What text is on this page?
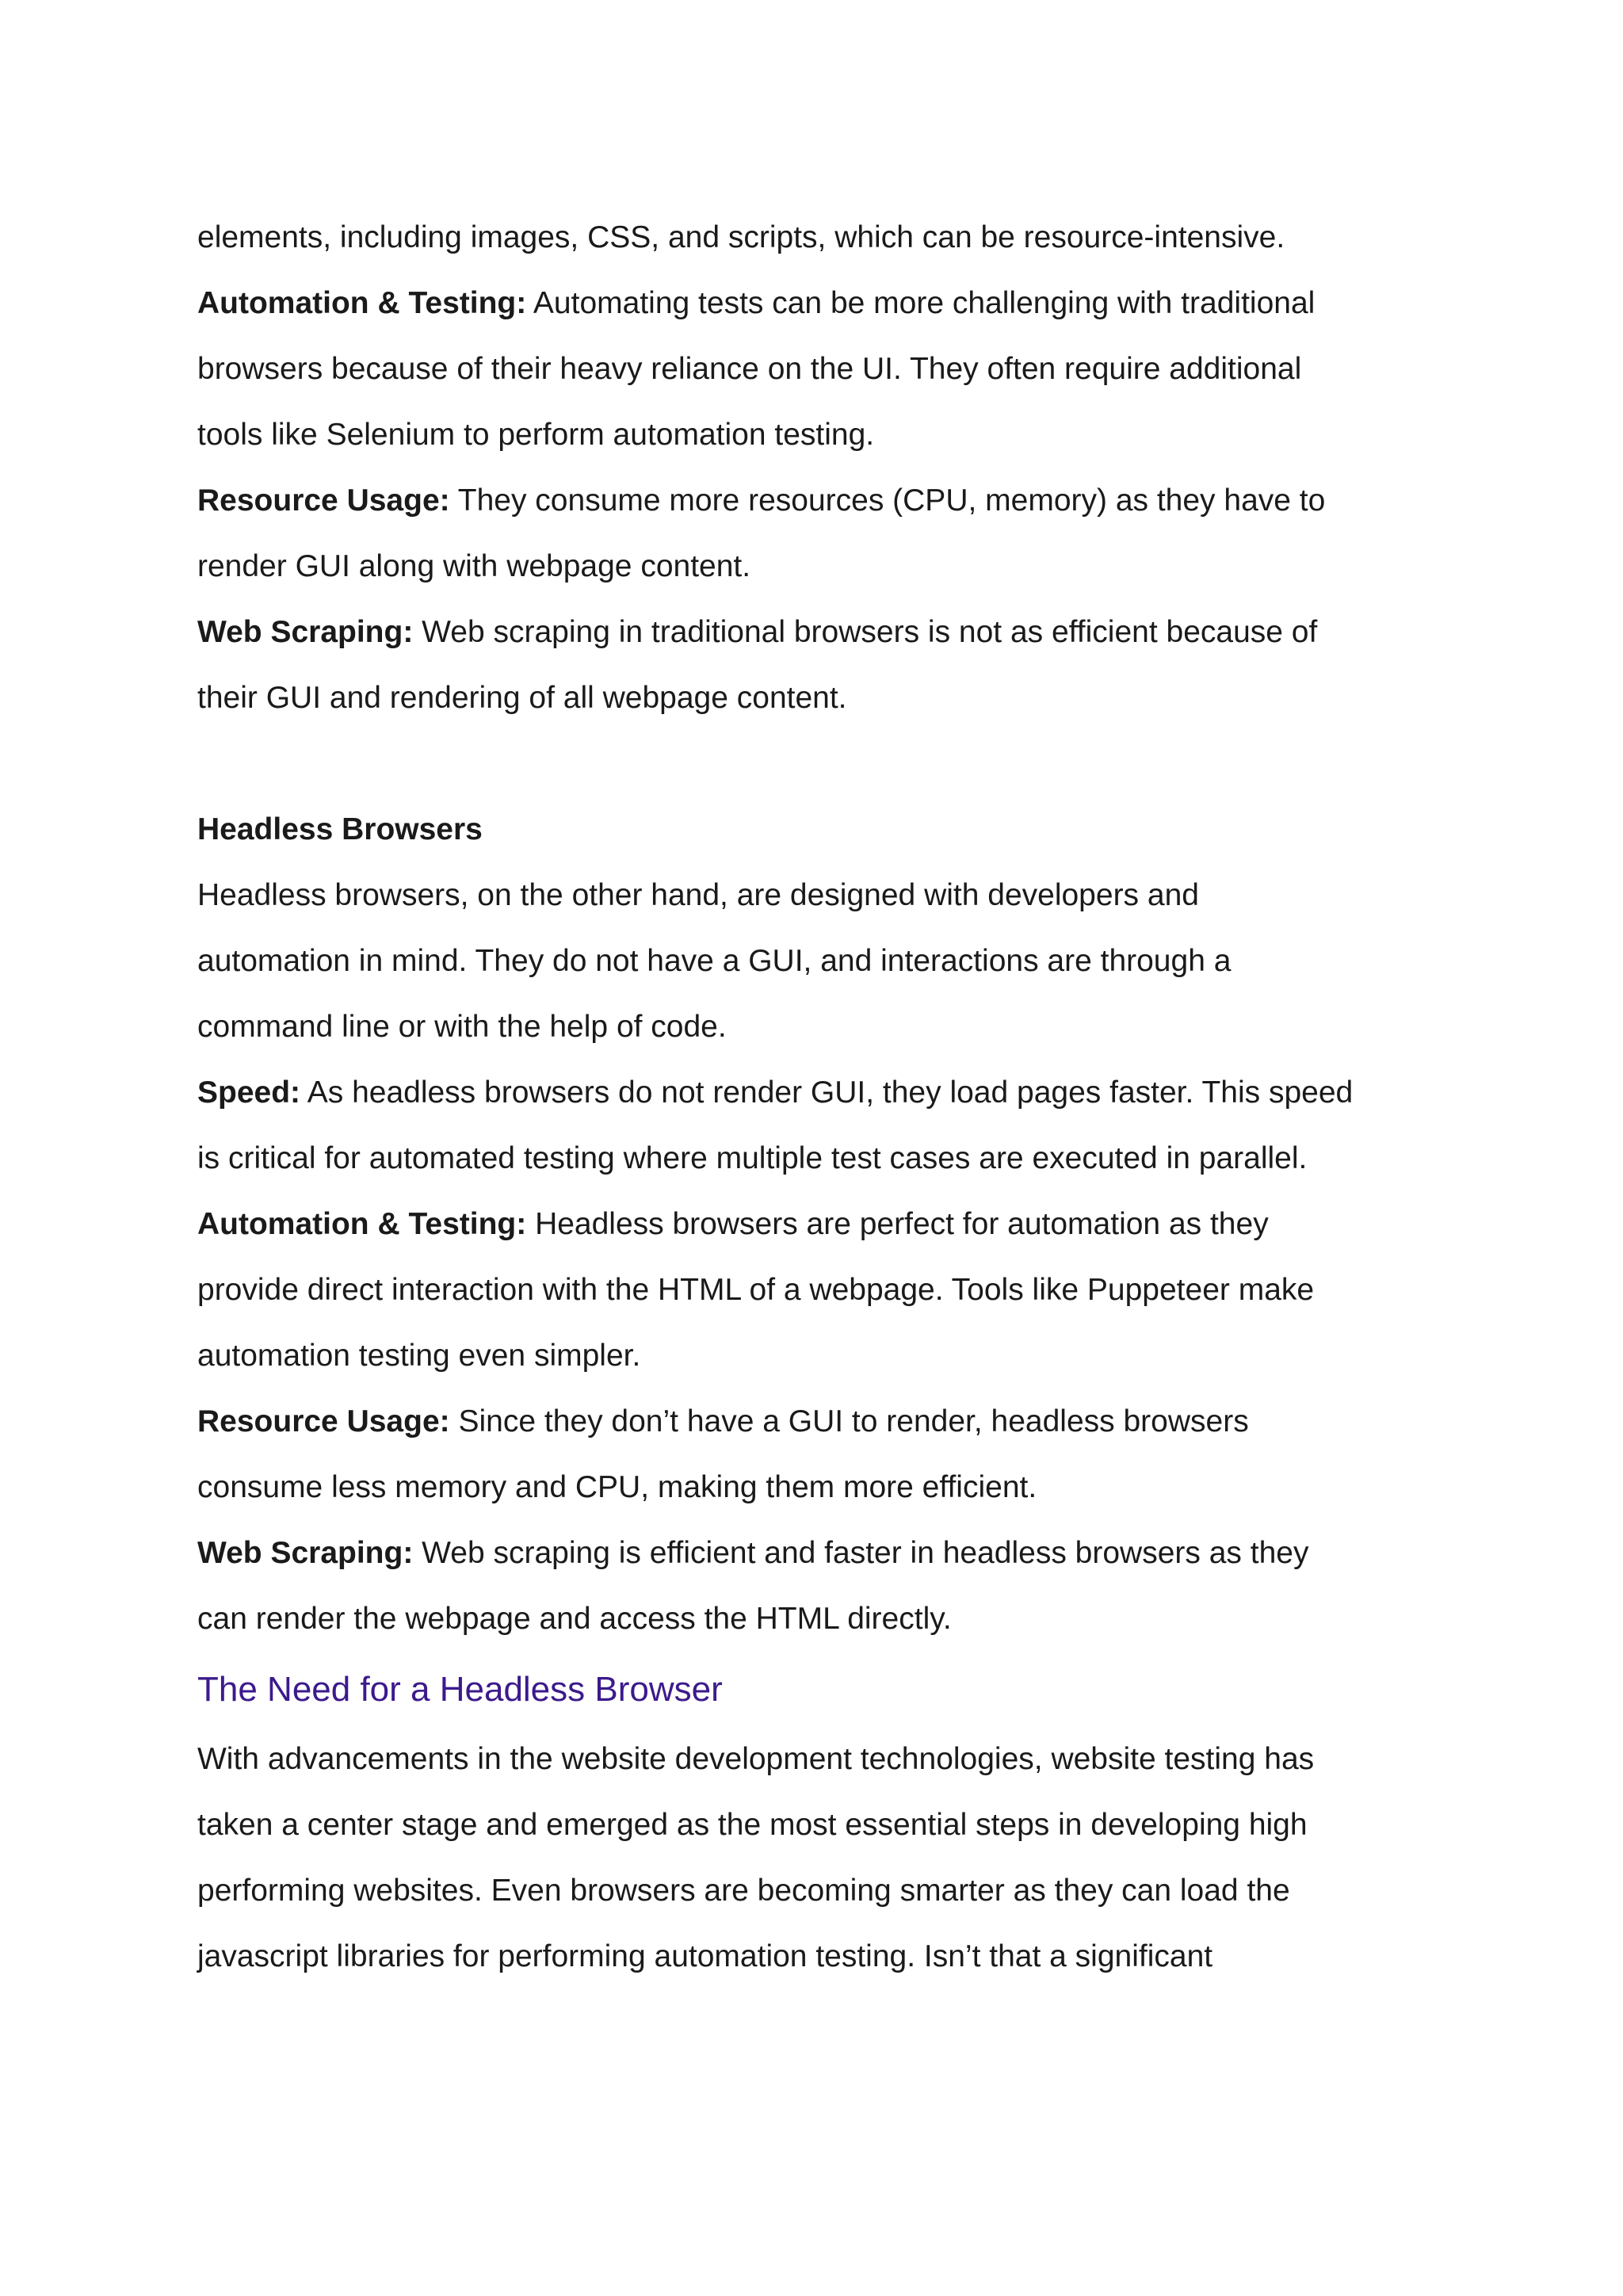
elements, including images, CSS, and scripts, which can be resource-intensive.

Automation & Testing: Automating tests can be more challenging with traditional

browsers because of their heavy reliance on the UI. They often require additional

tools like Selenium to perform automation testing.

Resource Usage: They consume more resources (CPU, memory) as they have to

render GUI along with webpage content.

Web Scraping: Web scraping in traditional browsers is not as efficient because of

their GUI and rendering of all webpage content.

Headless Browsers

Headless browsers, on the other hand, are designed with developers and

automation in mind. They do not have a GUI, and interactions are through a

command line or with the help of code.

Speed: As headless browsers do not render GUI, they load pages faster. This speed

is critical for automated testing where multiple test cases are executed in parallel.

Automation & Testing: Headless browsers are perfect for automation as they

provide direct interaction with the HTML of a webpage. Tools like Puppeteer make

automation testing even simpler.

Resource Usage: Since they don’t have a GUI to render, headless browsers

consume less memory and CPU, making them more efficient.

Web Scraping: Web scraping is efficient and faster in headless browsers as they

can render the webpage and access the HTML directly.

The Need for a Headless Browser

With advancements in the website development technologies, website testing has

taken a center stage and emerged as the most essential steps in developing high

performing websites. Even browsers are becoming smarter as they can load the

javascript libraries for performing automation testing. Isn’t that a significant
